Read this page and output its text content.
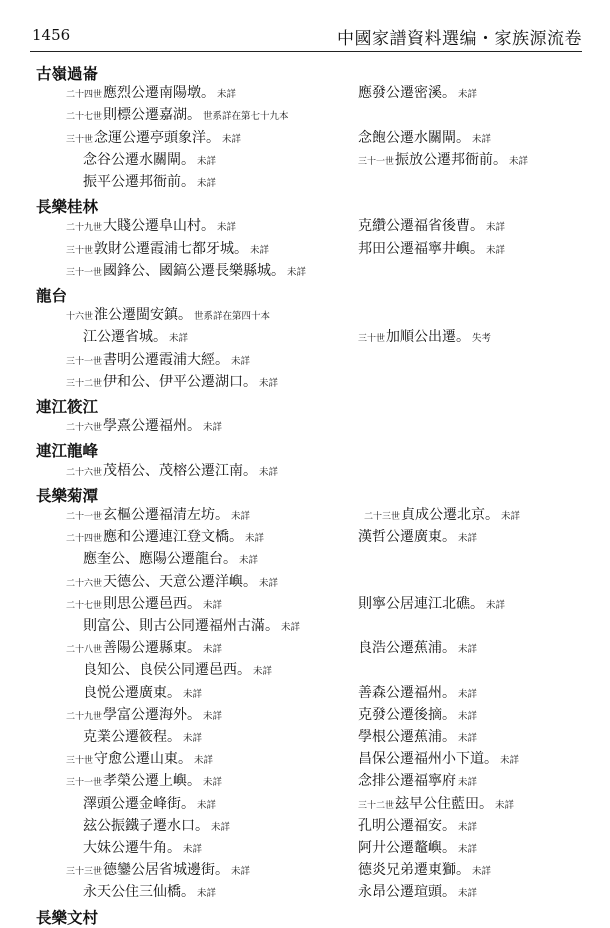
1456	中國家譜資料選编・家族源流卷
古嶺過崙
二十四世應烈公遷南陽墩。 未詳	應發公遷密溪。 未詳
二十七世則標公遷嘉湖。 世系詳在第七十九本
三十世念運公遷亭頭象洋。 未詳	念飽公遷水關閘。 未詳
念谷公遷水關閘。 未詳	三十一世振放公遷邦衙前。 未詳
振平公遷邦衙前。 未詳
長樂桂林
二十九世大賤公遷阜山村。 未詳	克纘公遷福省後曹。 未詳
三十世敦財公遷霞浦七都牙城。 未詳	邦田公遷福寧井嶼。 未詳
三十一世國鋒公、國鎬公遷長樂縣城。 未詳
龍台
十六世淮公遷閩安鎮。 世系詳在第四十本
江公遷省城。 未詳	三十世加順公出遷。 失考
三十一世書明公遷霞浦大經。 未詳
三十二世伊和公、伊平公遷湖口。 未詳
連江筱江
二十六世學熹公遷福州。 未詳
連江龍峰
二十六世茂梧公、茂榕公遷江南。 未詳
長樂菊潭
二十一世玄樞公遷福清左坊。 未詳	二十三世貞成公遷北京。 未詳
二十四世應和公遷連江登文橋。 未詳	漢哲公遷廣東。 未詳
應奎公、應陽公遷龍台。 未詳
二十六世天德公、天意公遷洋嶼。 未詳
二十七世則思公遷邑西。 未詳	則寧公居連江北礁。 未詳
則富公、則古公同遷福州古滿。 未詳
二十八世善陽公遷縣東。 未詳	良浩公遷蕉浦。 未詳
良知公、良侯公同遷邑西。 未詳
良悦公遷廣東。 未詳	善森公遷福州。 未詳
二十九世學富公遷海外。 未詳	克發公遷後摘。 未詳
克業公遷筱程。 未詳	學根公遷蕉浦。 未詳
三十世守愈公遷山東。 未詳	昌保公遷福州小下道。 未詳
三十一世孝榮公遷上嶼。 未詳	念排公遷福寧府 未詳
澤頭公遷金峰街。 未詳	三十二世玆早公住藍田。 未詳
玆公振鐵子遷水口。 未詳	孔明公遷福安。 未詳
大妹公遷牛角。 未詳	阿廾公遷鼇嶼。 未詳
三十三世德鑾公居省城邊街。 未詳	德炎兄弟遷東獅。 未詳
永天公住三仙橋。 未詳	永昂公遷瑄頭。 未詳
長樂文村
